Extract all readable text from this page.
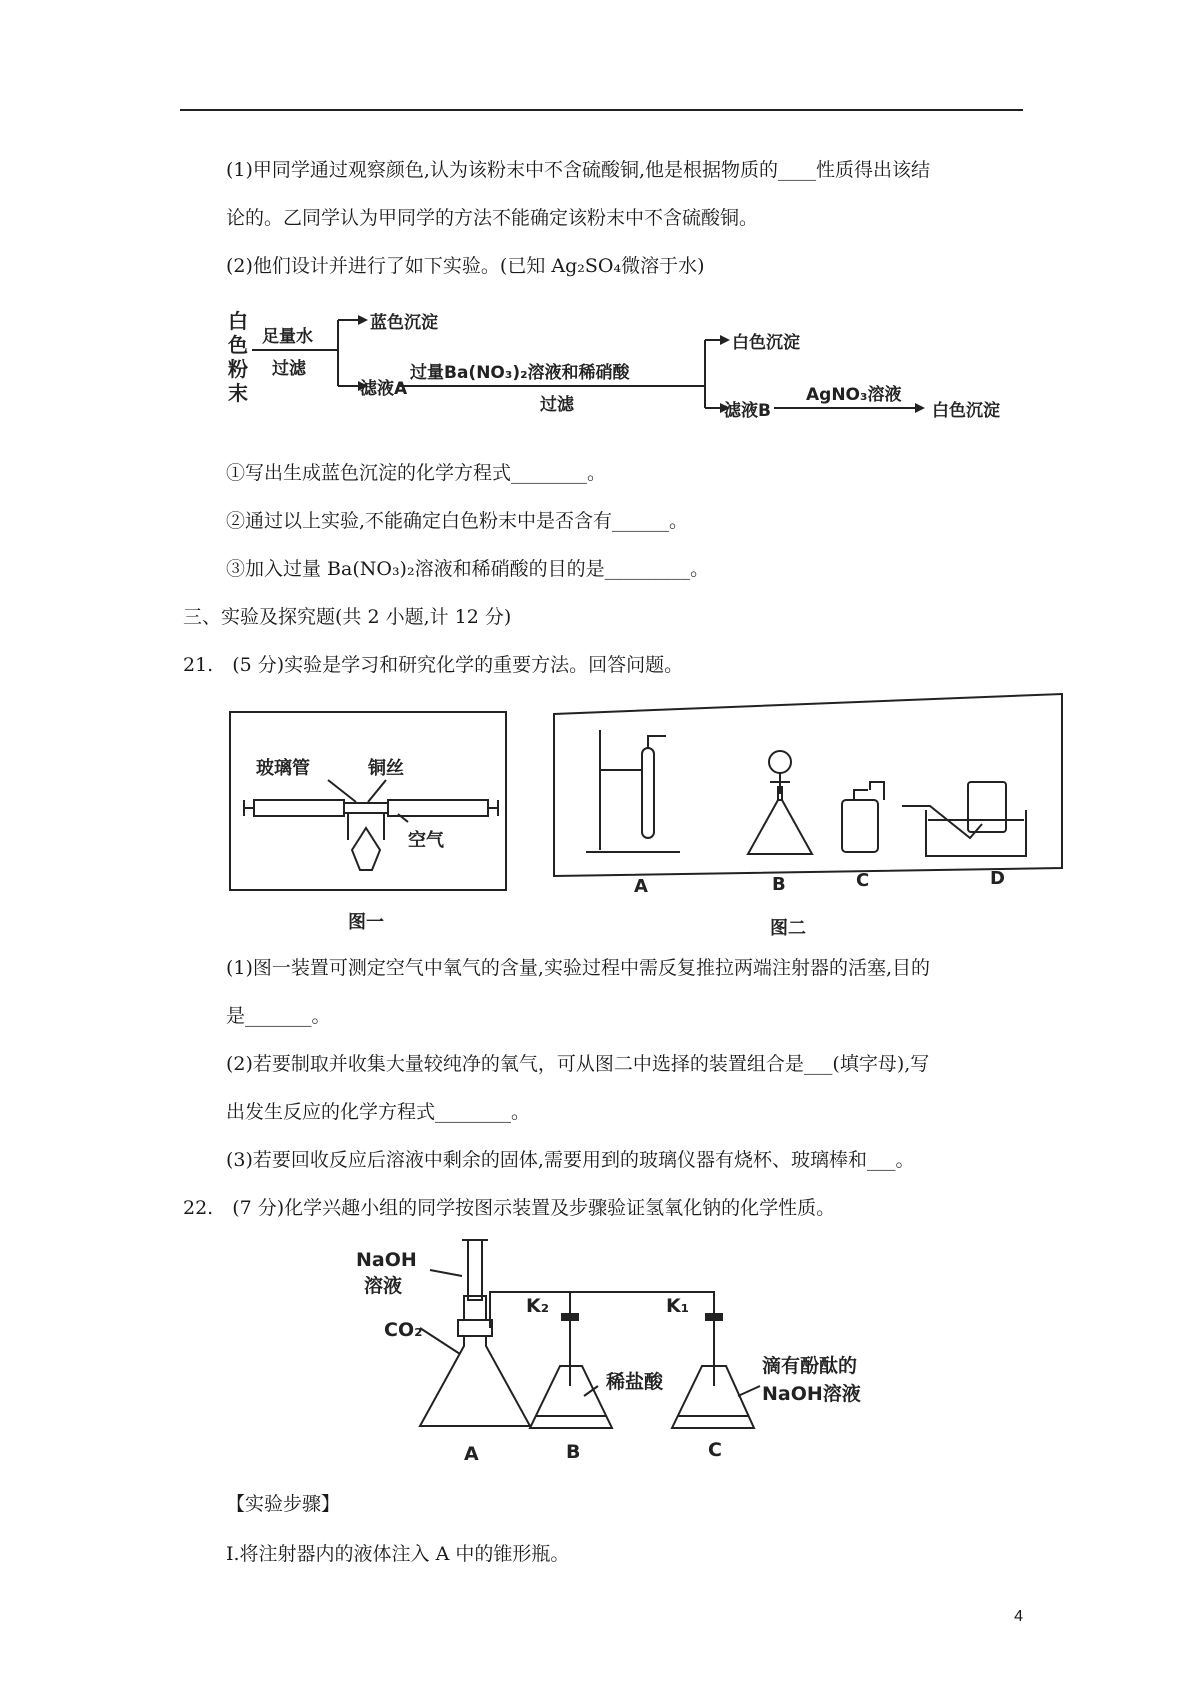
(1)甲同学通过观察颜色,认为该粉末中不含硫酸铜,他是根据物质的____性质得出该结
论的。乙同学认为甲同学的方法不能确定该粉末中不含硫酸铜。
(2)他们设计并进行了如下实验。(已知 Ag₂SO₄微溶于水)
白
色
粉
末
足量水
过滤
蓝色沉淀
滤液A
过量Ba(NO₃)₂溶液和稀硝酸
过滤
白色沉淀
滤液B
AgNO₃溶液
白色沉淀
①写出生成蓝色沉淀的化学方程式________。
②通过以上实验,不能确定白色粉末中是否含有______。
③加入过量 Ba(NO₃)₂溶液和稀硝酸的目的是_________。
三、实验及探究题(共 2 小题,计 12 分)
21.　(5 分)实验是学习和研究化学的重要方法。回答问题。
玻璃管	铜丝
空气
图一
A	B	C	D
图二
(1)图一装置可测定空气中氧气的含量,实验过程中需反复推拉两端注射器的活塞,目的
是_______。
(2)若要制取并收集大量较纯净的氧气，可从图二中选择的装置组合是___(填字母),写
出发生反应的化学方程式________。
(3)若要回收反应后溶液中剩余的固体,需要用到的玻璃仪器有烧杯、玻璃棒和___。
22.　(7 分)化学兴趣小组的同学按图示装置及步骤验证氢氧化钠的化学性质。
NaOH
溶液
CO₂
K₂	K₁
稀盐酸
滴有酚酞的
NaOH溶液
A	B	C
【实验步骤】
I.将注射器内的液体注入 A 中的锥形瓶。
4
